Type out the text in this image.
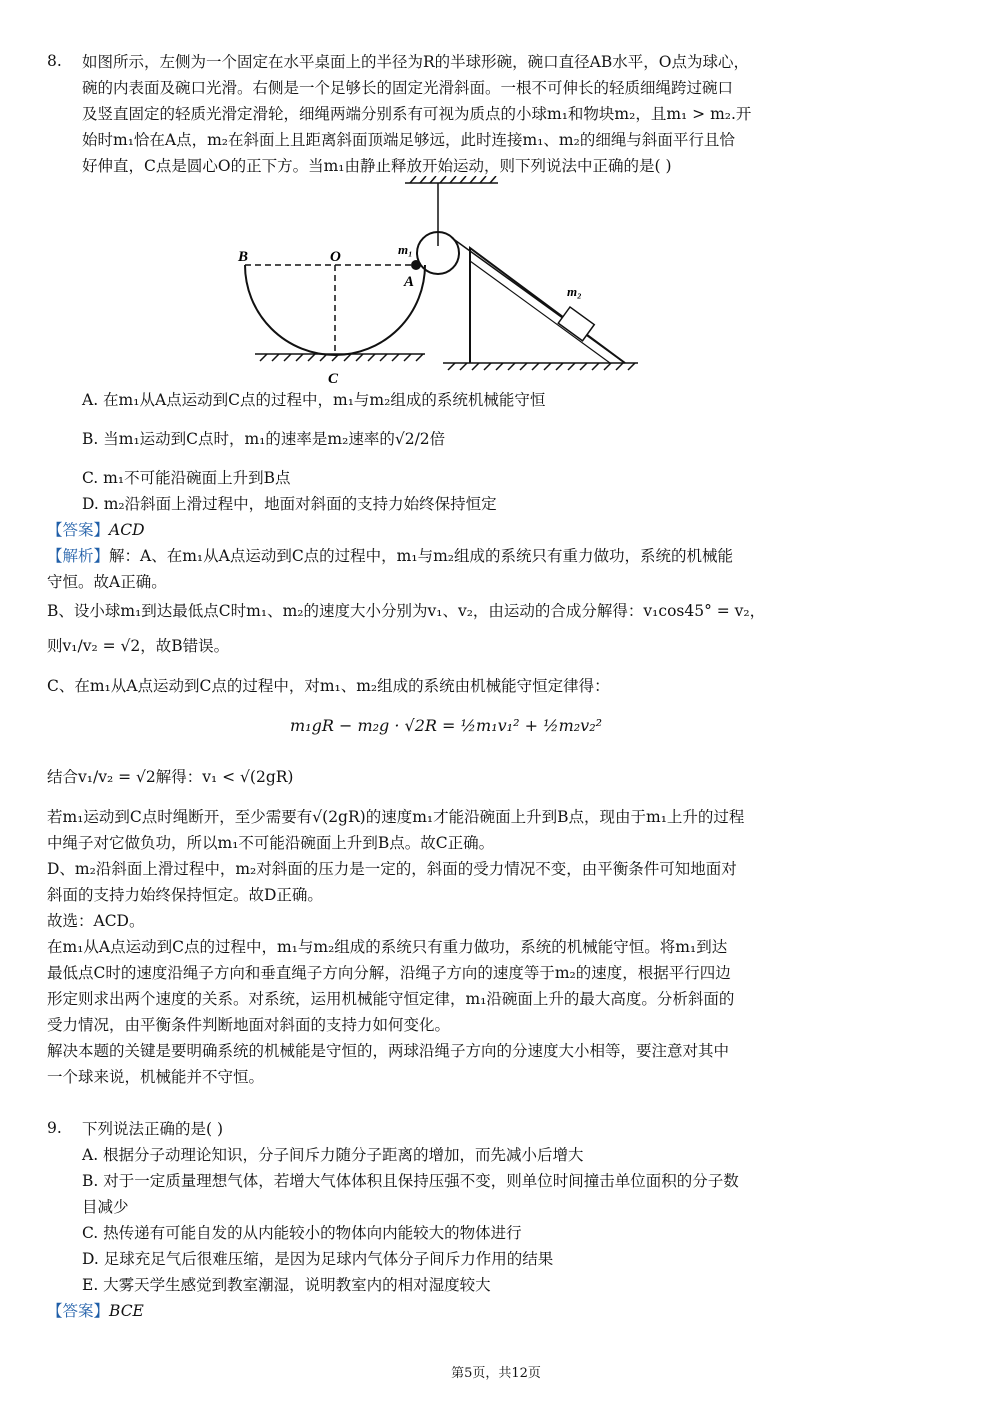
8. 如图所示，左侧为一个固定在水平桌面上的半径为R的半球形碗，碗口直径AB水平，O点为球心，
碗的内表面及碗口光滑。右侧是一个足够长的固定光滑斜面。一根不可伸长的轻质细绳跨过碗口
及竖直固定的轻质光滑定滑轮，细绳两端分别系有可视为质点的小球m₁和物块m₂，且m₁ > m₂.开
始时m₁恰在A点，m₂在斜面上且距离斜面顶端足够远，此时连接m₁、m₂的细绳与斜面平行且恰
好伸直，C点是圆心O的正下方。当m₁由静止释放开始运动，则下列说法中正确的是( )
B	O	m₁
A
C
m₂
A. 在m₁从A点运动到C点的过程中，m₁与m₂组成的系统机械能守恒
B. 当m₁运动到C点时，m₁的速率是m₂速率的√2/2倍
C. m₁不可能沿碗面上升到B点
D. m₂沿斜面上滑过程中，地面对斜面的支持力始终保持恒定
【答案】ACD
【解析】解：A、在m₁从A点运动到C点的过程中，m₁与m₂组成的系统只有重力做功，系统的机械能
守恒。故A正确。
B、设小球m₁到达最低点C时m₁、m₂的速度大小分别为v₁、v₂，由运动的合成分解得：v₁cos45° = v₂，
则v₁/v₂ = √2，故B错误。
C、在m₁从A点运动到C点的过程中，对m₁、m₂组成的系统由机械能守恒定律得：
m₁gR − m₂g · √2R = ½m₁v₁² + ½m₂v₂²
结合v₁/v₂ = √2解得：v₁ < √(2gR)
若m₁运动到C点时绳断开，至少需要有√(2gR)的速度m₁才能沿碗面上升到B点，现由于m₁上升的过程
中绳子对它做负功，所以m₁不可能沿碗面上升到B点。故C正确。
D、m₂沿斜面上滑过程中，m₂对斜面的压力是一定的，斜面的受力情况不变，由平衡条件可知地面对
斜面的支持力始终保持恒定。故D正确。
故选：ACD。
在m₁从A点运动到C点的过程中，m₁与m₂组成的系统只有重力做功，系统的机械能守恒。将m₁到达
最低点C时的速度沿绳子方向和垂直绳子方向分解，沿绳子方向的速度等于m₂的速度，根据平行四边
形定则求出两个速度的关系。对系统，运用机械能守恒定律，m₁沿碗面上升的最大高度。分析斜面的
受力情况，由平衡条件判断地面对斜面的支持力如何变化。
解决本题的关键是要明确系统的机械能是守恒的，两球沿绳子方向的分速度大小相等，要注意对其中
一个球来说，机械能并不守恒。
9. 下列说法正确的是( )
A. 根据分子动理论知识，分子间斥力随分子距离的增加，而先减小后增大
B. 对于一定质量理想气体，若增大气体体积且保持压强不变，则单位时间撞击单位面积的分子数
目减少
C. 热传递有可能自发的从内能较小的物体向内能较大的物体进行
D. 足球充足气后很难压缩，是因为足球内气体分子间斥力作用的结果
E. 大雾天学生感觉到教室潮湿，说明教室内的相对湿度较大
【答案】BCE
第5页，共12页
